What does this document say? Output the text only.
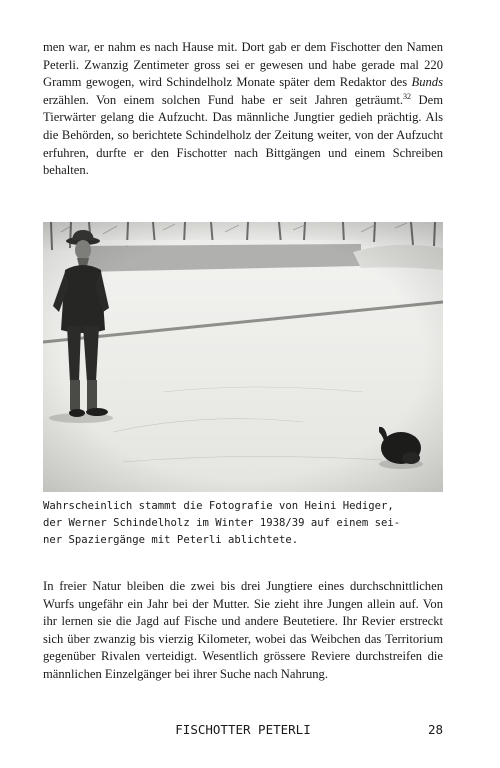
men war, er nahm es nach Hause mit. Dort gab er dem Fischotter den Namen Peterli. Zwanzig Zentimeter gross sei er gewesen und habe gerade mal 220 Gramm gewogen, wird Schindelholz Monate später dem Redaktor des Bunds erzählen. Von einem solchen Fund habe er seit Jahren geträumt.$^{32}$ Dem Tierwärter gelang die Aufzucht. Das männliche Jungtier gedieh prächtig. Als die Behörden, so berichtete Schindelholz der Zeitung weiter, von der Aufzucht erfuhren, durfte er den Fischotter nach Bittgängen und einem Schreiben behalten.

Wahrscheinlich stammt die Fotografie von Heini Hediger,
der Werner Schindelholz im Winter 1938/39 auf einem sei-
ner Spaziergänge mit Peterli ablichtete.

In freier Natur bleiben die zwei bis drei Jungtiere eines durchschnittlichen Wurfs ungefähr ein Jahr bei der Mutter. Sie zieht ihre Jungen allein auf. Von ihr lernen sie die Jagd auf Fische und andere Beutetiere. Ihr Revier erstreckt sich über zwanzig bis vierzig Kilometer, wobei das Weibchen das Territorium gegenüber Rivalen verteidigt. Wesentlich grössere Reviere durchstreifen die männlichen Einzelgänger bei ihrer Suche nach Nahrung.

FISCHOTTER PETERLI	28
